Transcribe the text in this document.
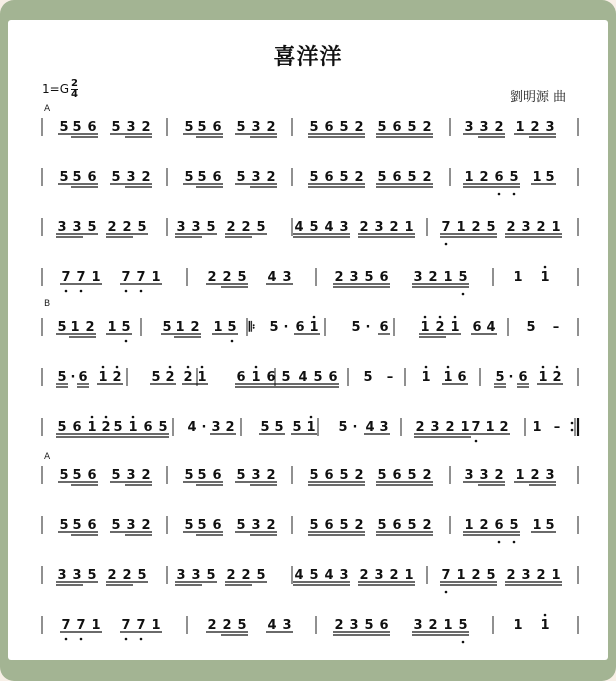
喜洋洋
$1=G \frac{2}{4}$	劉明源 曲
A
B
A
5 5 6 5 3 2	5 5 6 5 3 2	5 6 5 2 5 6 5 2	3 3 2 1 2 3
5 5 6 5 3 2	5 5 6 5 3 2	5 6 5 2 5 6 5 2	1 2 6 5 1 5
3 3 5 2 2 5 3 3 5 2 2 5 4 5 4 3 2 3 2 1 7 1 2 5 2 3 2 1
7 7 1 7 7 1	2 2 5 4 3	2 3 5 6 3 2 1 5	1 1
5 1 2 1 5 5 1 2 1 5	5 · 6 1	5 · 6 1 2 1 6 4 5 –
5 · 6 1 2 5 2 2 1 6 1 6 5 4 5 6 5 – 1 1 6 5 · 6 1 2
5 6 1 2 5 1 6 5 4 · 3 2 5 5 5 1 5 · 4 3 2 3 2 1 7 1 2 1 –
5 5 6 5 3 2	5 5 6 5 3 2	5 6 5 2 5 6 5 2	3 3 2 1 2 3
5 5 6 5 3 2	5 5 6 5 3 2	5 6 5 2 5 6 5 2	1 2 6 5 1 5
3 3 5 2 2 5 3 3 5 2 2 5 4 5 4 3 2 3 2 1 7 1 2 5 2 3 2 1
7 7 1 7 7 1	2 2 5 4 3	2 3 5 6 3 2 1 5	1 1
𝄆
